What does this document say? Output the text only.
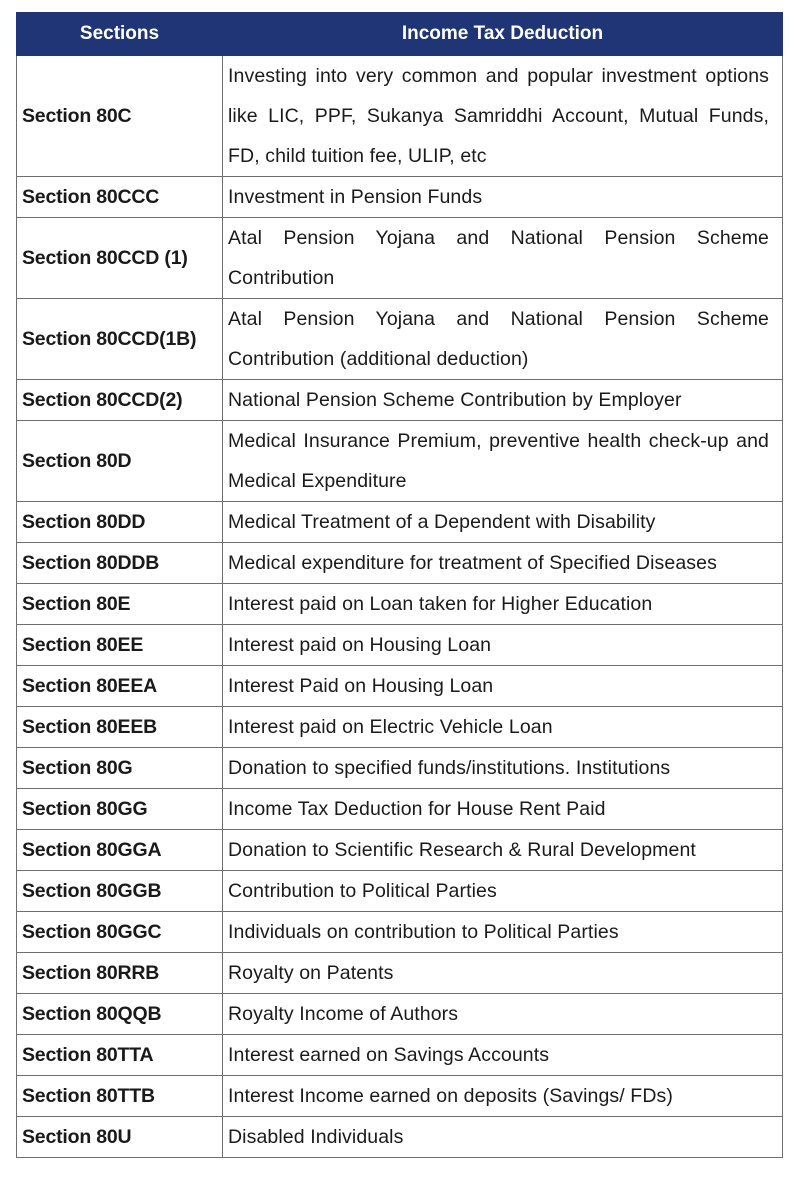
Sections	Income Tax Deduction
Section 80C	Investing into very common and popular investment options like LIC, PPF, Sukanya Samriddhi Account, Mutual Funds, FD, child tuition fee, ULIP, etc
Section 80CCC	Investment in Pension Funds
Section 80CCD (1)	Atal Pension Yojana and National Pension Scheme Contribution
Section 80CCD(1B)	Atal Pension Yojana and National Pension Scheme Contribution (additional deduction)
Section 80CCD(2)	National Pension Scheme Contribution by Employer
Section 80D	Medical Insurance Premium, preventive health check-up and Medical Expenditure
Section 80DD	Medical Treatment of a Dependent with Disability
Section 80DDB	Medical expenditure for treatment of Specified Diseases
Section 80E	Interest paid on Loan taken for Higher Education
Section 80EE	Interest paid on Housing Loan
Section 80EEA	Interest Paid on Housing Loan
Section 80EEB	Interest paid on Electric Vehicle Loan
Section 80G	Donation to specified funds/institutions. Institutions
Section 80GG	Income Tax Deduction for House Rent Paid
Section 80GGA	Donation to Scientific Research & Rural Development
Section 80GGB	Contribution to Political Parties
Section 80GGC	Individuals on contribution to Political Parties
Section 80RRB	Royalty on Patents
Section 80QQB	Royalty Income of Authors
Section 80TTA	Interest earned on Savings Accounts
Section 80TTB	Interest Income earned on deposits (Savings/ FDs)
Section 80U	Disabled Individuals
